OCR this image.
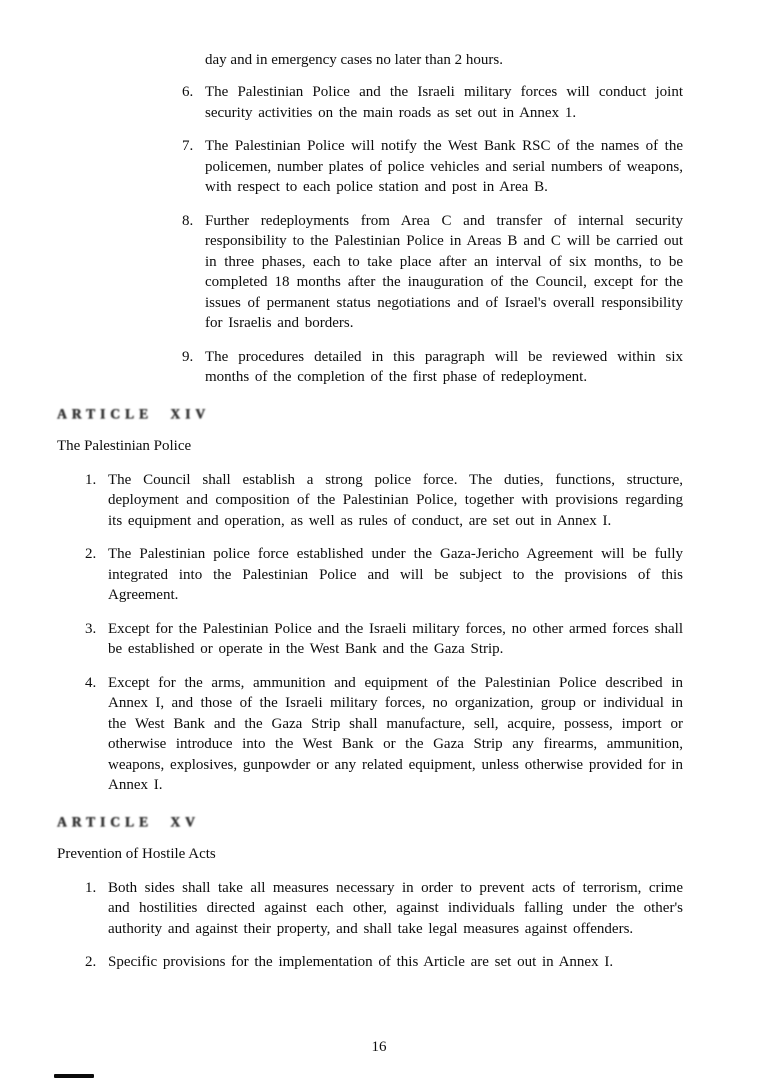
day and in emergency cases no later than 2 hours.
6. The Palestinian Police and the Israeli military forces will conduct joint security activities on the main roads as set out in Annex 1.
7. The Palestinian Police will notify the West Bank RSC of the names of the policemen, number plates of police vehicles and serial numbers of weapons, with respect to each police station and post in Area B.
8. Further redeployments from Area C and transfer of internal security responsibility to the Palestinian Police in Areas B and C will be carried out in three phases, each to take place after an interval of six months, to be completed 18 months after the inauguration of the Council, except for the issues of permanent status negotiations and of Israel's overall responsibility for Israelis and borders.
9. The procedures detailed in this paragraph will be reviewed within six months of the completion of the first phase of redeployment.
ARTICLE XIV
The Palestinian Police
1. The Council shall establish a strong police force. The duties, functions, structure, deployment and composition of the Palestinian Police, together with provisions regarding its equipment and operation, as well as rules of conduct, are set out in Annex I.
2. The Palestinian police force established under the Gaza-Jericho Agreement will be fully integrated into the Palestinian Police and will be subject to the provisions of this Agreement.
3. Except for the Palestinian Police and the Israeli military forces, no other armed forces shall be established or operate in the West Bank and the Gaza Strip.
4. Except for the arms, ammunition and equipment of the Palestinian Police described in Annex I, and those of the Israeli military forces, no organization, group or individual in the West Bank and the Gaza Strip shall manufacture, sell, acquire, possess, import or otherwise introduce into the West Bank or the Gaza Strip any firearms, ammunition, weapons, explosives, gunpowder or any related equipment, unless otherwise provided for in Annex I.
ARTICLE XV
Prevention of Hostile Acts
1. Both sides shall take all measures necessary in order to prevent acts of terrorism, crime and hostilities directed against each other, against individuals falling under the other's authority and against their property, and shall take legal measures against offenders.
2. Specific provisions for the implementation of this Article are set out in Annex I.
16
